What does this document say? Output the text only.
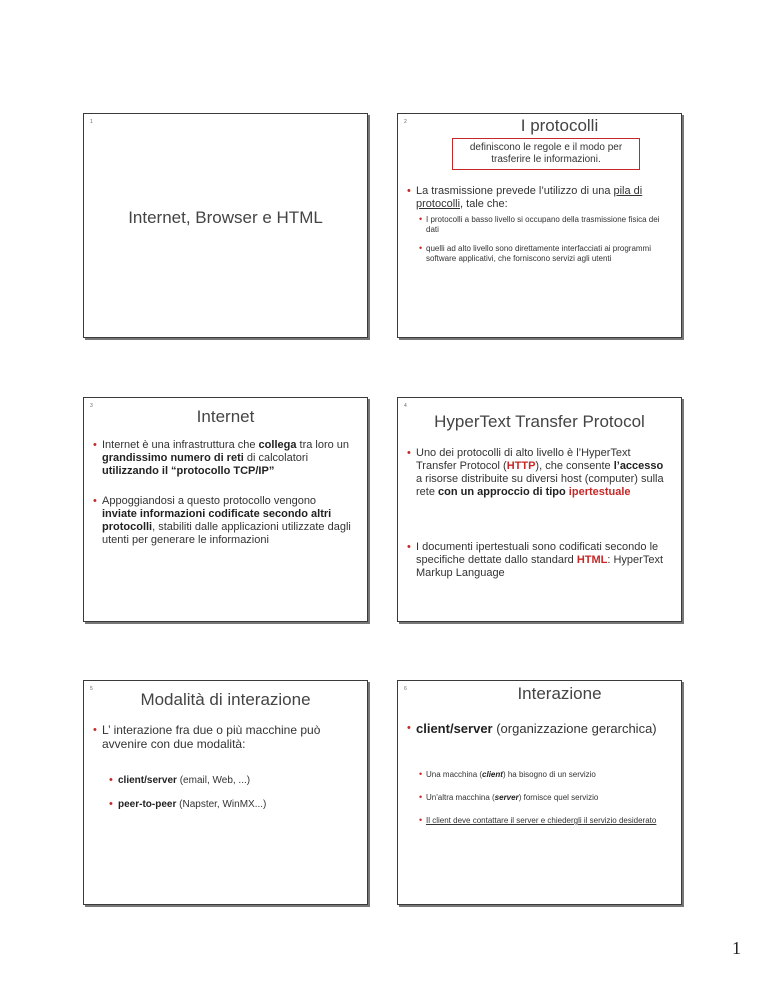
1
Internet, Browser e HTML
2	I protocolli
definiscono le regole e il modo per trasferire le informazioni.
• La trasmissione prevede l’utilizzo di una pila di protocolli, tale che:
• I protocolli a basso livello si occupano della trasmissione fisica dei dati
• quelli ad alto livello sono direttamente interfacciati ai programmi software applicativi, che forniscono servizi agli utenti
3
Internet
• Internet è una infrastruttura che collega tra loro un grandissimo numero di reti di calcolatori utilizzando il “protocollo TCP/IP”
• Appoggiandosi a questo protocollo vengono inviate informazioni codificate secondo altri protocolli, stabiliti dalle applicazioni utilizzate dagli utenti per generare le informazioni
4
HyperText Transfer Protocol
• Uno dei protocolli di alto livello è l’HyperText Transfer Protocol (HTTP), che consente l’accesso a risorse distribuite su diversi host (computer) sulla rete con un approccio di tipo ipertestuale
• I documenti ipertestuali sono codificati secondo le specifiche dettate dallo standard HTML: HyperText Markup Language
5
Modalità di interazione
• L’ interazione fra due o più macchine può avvenire con due modalità:
• client/server (email, Web, ...)
• peer-to-peer (Napster, WinMX...)
6	Interazione
• client/server (organizzazione gerarchica)
• Una macchina (client) ha bisogno di un servizio
• Un'altra macchina (server) fornisce quel servizio
• Il client deve contattare il server e chiedergli il servizio desiderato
1
